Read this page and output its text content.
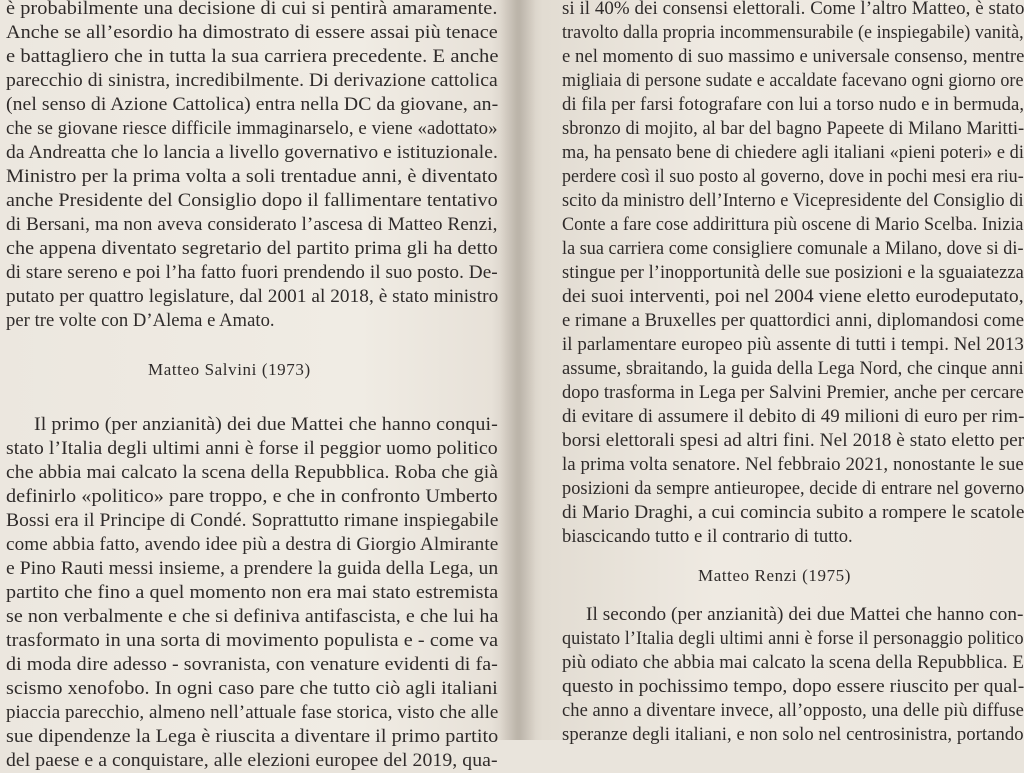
è probabilmente una decisione di cui si pentirà amaramente.
Anche se all’esordio ha dimostrato di essere assai più tenace
e battagliero che in tutta la sua carriera precedente. E anche
parecchio di sinistra, incredibilmente. Di derivazione cattolica
(nel senso di Azione Cattolica) entra nella DC da giovane, an-
che se giovane riesce difficile immaginarselo, e viene «adottato»
da Andreatta che lo lancia a livello governativo e istituzionale.
Ministro per la prima volta a soli trentadue anni, è diventato
anche Presidente del Consiglio dopo il fallimentare tentativo
di Bersani, ma non aveva considerato l’ascesa di Matteo Renzi,
che appena diventato segretario del partito prima gli ha detto
di stare sereno e poi l’ha fatto fuori prendendo il suo posto. De-
putato per quattro legislature, dal 2001 al 2018, è stato ministro
per tre volte con D’Alema e Amato.
Matteo Salvini (1973)
Il primo (per anzianità) dei due Mattei che hanno conqui-
stato l’Italia degli ultimi anni è forse il peggior uomo politico
che abbia mai calcato la scena della Repubblica. Roba che già
definirlo «politico» pare troppo, e che in confronto Umberto
Bossi era il Principe di Condé. Soprattutto rimane inspiegabile
come abbia fatto, avendo idee più a destra di Giorgio Almirante
e Pino Rauti messi insieme, a prendere la guida della Lega, un
partito che fino a quel momento non era mai stato estremista
se non verbalmente e che si definiva antifascista, e che lui ha
trasformato in una sorta di movimento populista e - come va
di moda dire adesso - sovranista, con venature evidenti di fa-
scismo xenofobo. In ogni caso pare che tutto ciò agli italiani
piaccia parecchio, almeno nell’attuale fase storica, visto che alle
sue dipendenze la Lega è riuscita a diventare il primo partito
del paese e a conquistare, alle elezioni europee del 2019, qua-
si il 40% dei consensi elettorali. Come l’altro Matteo, è stato
travolto dalla propria incommensurabile (e inspiegabile) vanità,
e nel momento di suo massimo e universale consenso, mentre
migliaia di persone sudate e accaldate facevano ogni giorno ore
di fila per farsi fotografare con lui a torso nudo e in bermuda,
sbronzo di mojito, al bar del bagno Papeete di Milano Maritti-
ma, ha pensato bene di chiedere agli italiani «pieni poteri» e di
perdere così il suo posto al governo, dove in pochi mesi era riu-
scito da ministro dell’Interno e Vicepresidente del Consiglio di
Conte a fare cose addirittura più oscene di Mario Scelba. Inizia
la sua carriera come consigliere comunale a Milano, dove si di-
stingue per l’inopportunità delle sue posizioni e la sguaiatezza
dei suoi interventi, poi nel 2004 viene eletto eurodeputato,
e rimane a Bruxelles per quattordici anni, diplomandosi come
il parlamentare europeo più assente di tutti i tempi. Nel 2013
assume, sbraitando, la guida della Lega Nord, che cinque anni
dopo trasforma in Lega per Salvini Premier, anche per cercare
di evitare di assumere il debito di 49 milioni di euro per rim-
borsi elettorali spesi ad altri fini. Nel 2018 è stato eletto per
la prima volta senatore. Nel febbraio 2021, nonostante le sue
posizioni da sempre antieuropee, decide di entrare nel governo
di Mario Draghi, a cui comincia subito a rompere le scatole
biascicando tutto e il contrario di tutto.
Matteo Renzi (1975)
Il secondo (per anzianità) dei due Mattei che hanno con-
quistato l’Italia degli ultimi anni è forse il personaggio politico
più odiato che abbia mai calcato la scena della Repubblica. E
questo in pochissimo tempo, dopo essere riuscito per qual-
che anno a diventare invece, all’opposto, una delle più diffuse
speranze degli italiani, e non solo nel centrosinistra, portando
